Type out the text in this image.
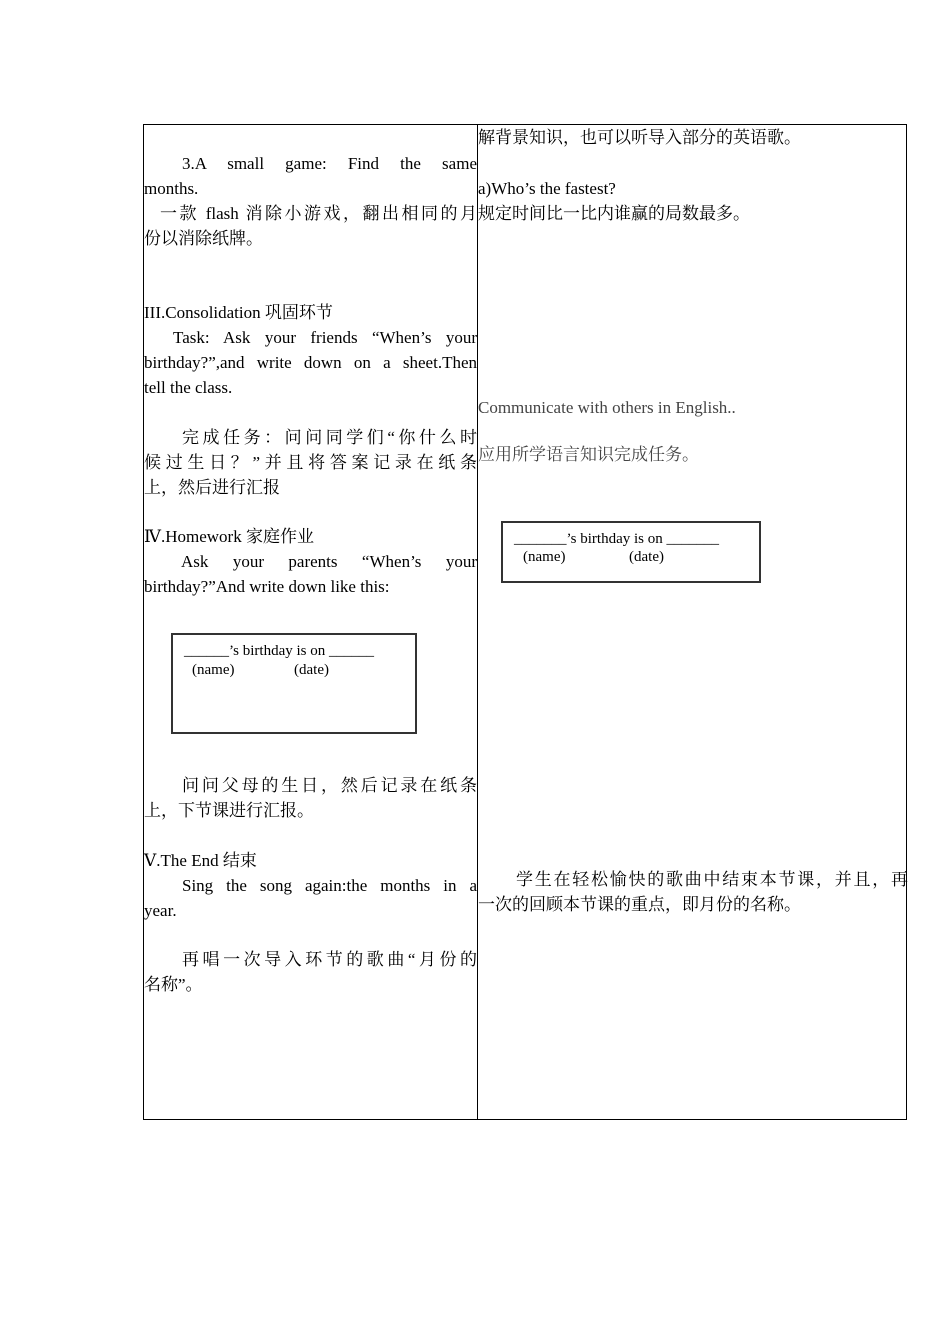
3.A small game: Find the same
months.
一款 flash 消除小游戏，翻出相同的月
份以消除纸牌。
III.Consolidation 巩固环节
Task: Ask your friends “When’s your
birthday?”,and write down on a sheet.Then
tell the class.
完成任务：问问同学们“你什么时
候过生日？”并且将答案记录在纸条
上，然后进行汇报
Ⅳ.Homework 家庭作业
Ask your parents “When’s your
birthday?”And write down like this:
______’s birthday is on ______
(name)	(date)
问问父母的生日，然后记录在纸条
上，下节课进行汇报。
Ⅴ.The End 结束
Sing the song again:the months in a
year.
再唱一次导入环节的歌曲“月份的
名称”。
解背景知识，也可以听导入部分的英语歌。
a)Who’s the fastest?
规定时间比一比内谁赢的局数最多。
Communicate with others in English..
应用所学语言知识完成任务。
_______’s birthday is on _______
(name)	(date)
学生在轻松愉快的歌曲中结束本节课，并且，再
一次的回顾本节课的重点，即月份的名称。
